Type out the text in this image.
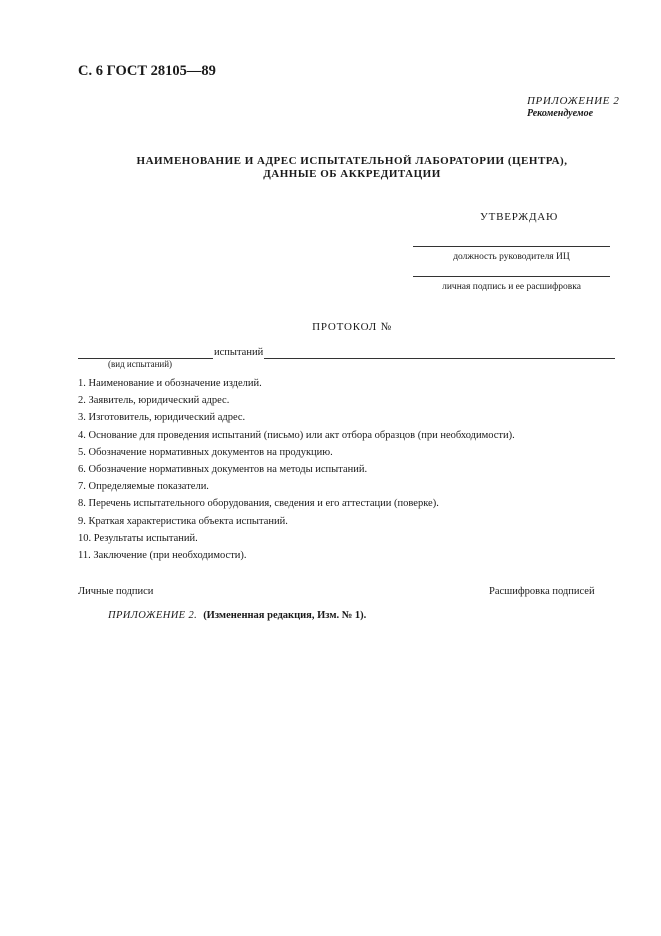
С. 6 ГОСТ 28105—89
ПРИЛОЖЕНИЕ 2
Рекомендуемое
НАИМЕНОВАНИЕ И АДРЕС ИСПЫТАТЕЛЬНОЙ ЛАБОРАТОРИИ (ЦЕНТРА),
ДАННЫЕ ОБ АККРЕДИТАЦИИ
УТВЕРЖДАЮ
должность руководителя ИЦ
личная подпись и ее расшифровка
ПРОТОКОЛ №
испытаний
(вид испытаний)
1. Наименование и обозначение изделий.
2. Заявитель, юридический адрес.
3. Изготовитель, юридический адрес.
4. Основание для проведения испытаний (письмо) или акт отбора образцов (при необходимости).
5. Обозначение нормативных документов на продукцию.
6. Обозначение нормативных документов на методы испытаний.
7. Определяемые показатели.
8. Перечень испытательного оборудования, сведения и его аттестации (поверке).
9. Краткая характеристика объекта испытаний.
10. Результаты испытаний.
11. Заключение (при необходимости).
Личные подписи	Расшифровка подписей
ПРИЛОЖЕНИЕ 2. (Измененная редакция, Изм. № 1).
